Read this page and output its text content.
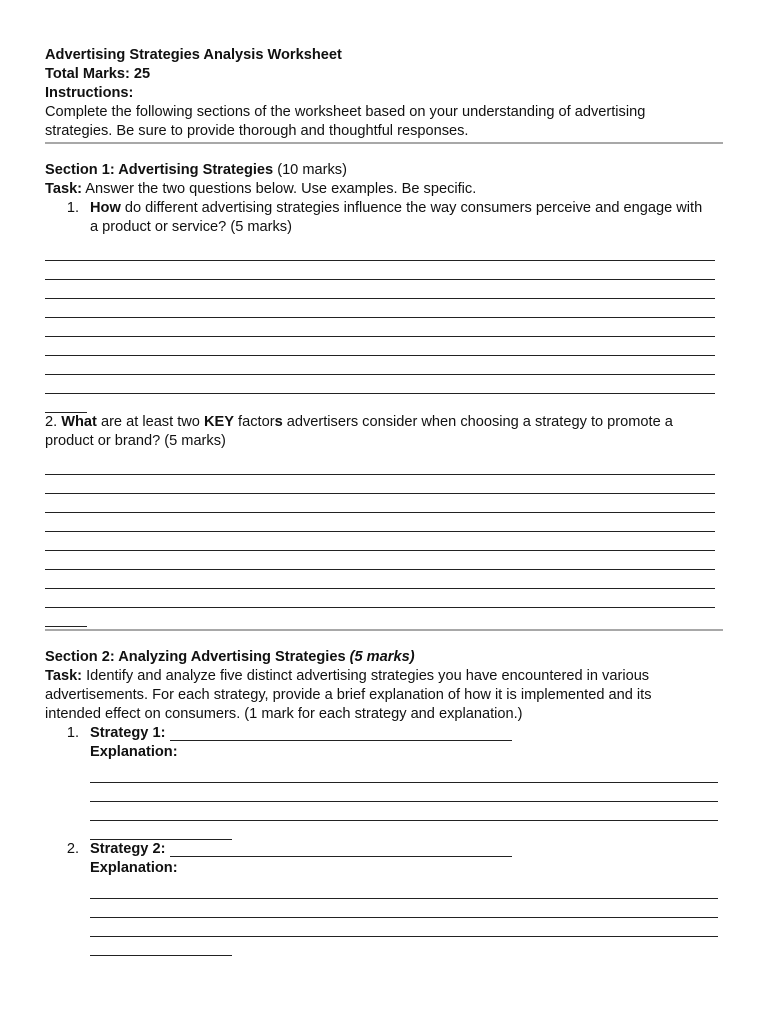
Advertising Strategies Analysis Worksheet
Total Marks: 25
Instructions:
Complete the following sections of the worksheet based on your understanding of advertising
strategies. Be sure to provide thorough and thoughtful responses.
Section 1: Advertising Strategies (10 marks)
Task: Answer the two questions below. Use examples. Be specific.
1. How do different advertising strategies influence the way consumers perceive and engage with
a product or service? (5 marks)
2. What are at least two KEY factors advertisers consider when choosing a strategy to promote a
product or brand? (5 marks)
Section 2: Analyzing Advertising Strategies (5 marks)
Task: Identify and analyze five distinct advertising strategies you have encountered in various
advertisements. For each strategy, provide a brief explanation of how it is implemented and its
intended effect on consumers. (1 mark for each strategy and explanation.)
1. Strategy 1:
Explanation:
2. Strategy 2:
Explanation:
